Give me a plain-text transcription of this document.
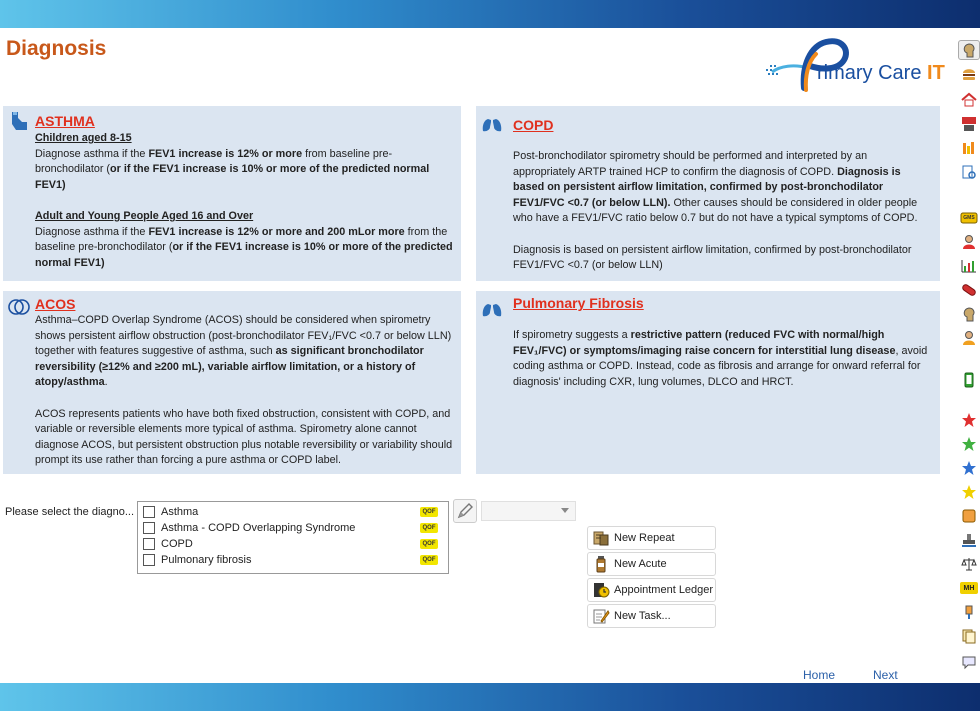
Diagnosis
rimary Care IT
ASTHMA
Children aged 8-15
Diagnose asthma if the FEV1 increase is 12% or more from baseline pre-bronchodilator (or if the FEV1 increase is 10% or more of the predicted normal FEV1)
Adult and Young People Aged 16 and Over
Diagnose asthma if the FEV1 increase is 12% or more and 200 mLor more from the baseline pre-bronchodilator (or if the FEV1 increase is 10% or more of the predicted normal FEV1)
COPD
Post-bronchodilator spirometry should be performed and interpreted by an appropriately ARTP trained HCP to confirm the diagnosis of COPD. Diagnosis is based on persistent airflow limitation, confirmed by post-bronchodilator FEV1/FVC <0.7 (or below LLN). Other causes should be considered in older people who have a FEV1/FVC ratio below 0.7 but do not have a typical symptoms of COPD.
Diagnosis is based on persistent airflow limitation, confirmed by post-bronchodilator FEV1/FVC <0.7 (or below LLN)
ACOS
Asthma–COPD Overlap Syndrome (ACOS) should be considered when spirometry shows persistent airflow obstruction (post-bronchodilator FEV₁/FVC <0.7 or below LLN) together with features suggestive of asthma, such as significant bronchodilator reversibility (≥12% and ≥200 mL), variable airflow limitation, or a history of atopy/asthma.
ACOS represents patients who have both fixed obstruction, consistent with COPD, and variable or reversible elements more typical of asthma. Spirometry alone cannot diagnose ACOS, but persistent obstruction plus notable reversibility or variability should prompt its use rather than forcing a pure asthma or COPD label.
Pulmonary Fibrosis
If spirometry suggests a restrictive pattern (reduced FVC with normal/high FEV₁/FVC) or symptoms/imaging raise concern for interstitial lung disease, avoid coding asthma or COPD. Instead, code as fibrosis and arrange for onward referral for diagnosis' including CXR, lung volumes, DLCO and HRCT.
Please select the diagno... Asthma	QOF
Asthma - COPD Overlapping Syndrome	QOF
COPD	QOF
Pulmonary fibrosis	QOF
New Repeat
New Acute
Appointment Ledger
New Task...
Home	Next
GMS
MH
